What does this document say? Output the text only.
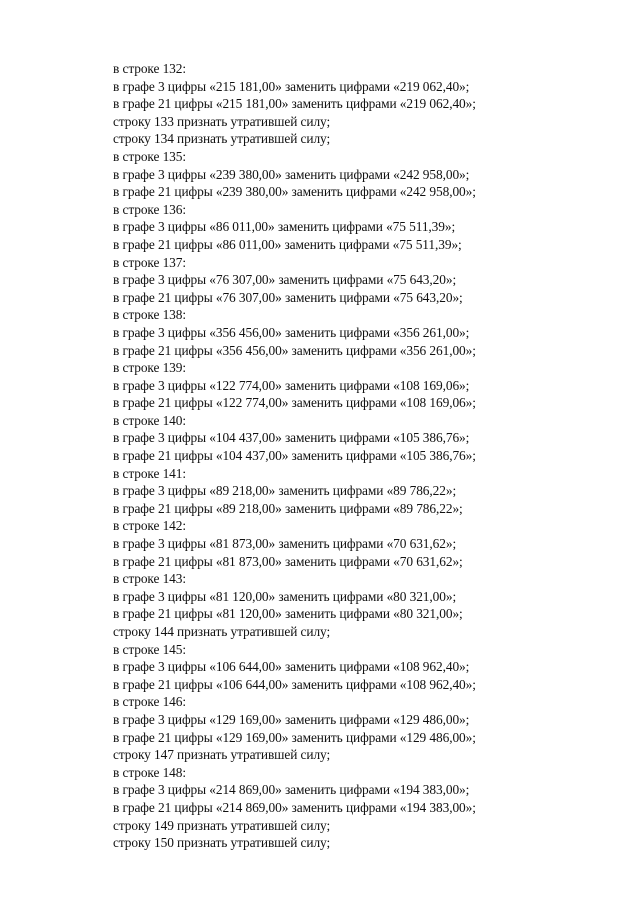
в строке 132:
в графе 3 цифры «215 181,00» заменить цифрами «219 062,40»;
в графе 21 цифры «215 181,00» заменить цифрами «219 062,40»;
строку 133 признать утратившей силу;
строку 134 признать утратившей силу;
в строке 135:
в графе 3 цифры «239 380,00» заменить цифрами «242 958,00»;
в графе 21 цифры «239 380,00» заменить цифрами «242 958,00»;
в строке 136:
в графе 3 цифры «86 011,00» заменить цифрами «75 511,39»;
в графе 21 цифры «86 011,00» заменить цифрами «75 511,39»;
в строке 137:
в графе 3 цифры «76 307,00» заменить цифрами «75 643,20»;
в графе 21 цифры «76 307,00» заменить цифрами «75 643,20»;
в строке 138:
в графе 3 цифры «356 456,00» заменить цифрами «356 261,00»;
в графе 21 цифры «356 456,00» заменить цифрами «356 261,00»;
в строке 139:
в графе 3 цифры «122 774,00» заменить цифрами «108 169,06»;
в графе 21 цифры «122 774,00» заменить цифрами «108 169,06»;
в строке 140:
в графе 3 цифры «104 437,00» заменить цифрами «105 386,76»;
в графе 21 цифры «104 437,00» заменить цифрами «105 386,76»;
в строке 141:
в графе 3 цифры «89 218,00» заменить цифрами «89 786,22»;
в графе 21 цифры «89 218,00» заменить цифрами «89 786,22»;
в строке 142:
в графе 3 цифры «81 873,00» заменить цифрами «70 631,62»;
в графе 21 цифры «81 873,00» заменить цифрами «70 631,62»;
в строке 143:
в графе 3 цифры «81 120,00» заменить цифрами «80 321,00»;
в графе 21 цифры «81 120,00» заменить цифрами «80 321,00»;
строку 144 признать утратившей силу;
в строке 145:
в графе 3 цифры «106 644,00» заменить цифрами «108 962,40»;
в графе 21 цифры «106 644,00» заменить цифрами «108 962,40»;
в строке 146:
в графе 3 цифры «129 169,00» заменить цифрами «129 486,00»;
в графе 21 цифры «129 169,00» заменить цифрами «129 486,00»;
строку 147 признать утратившей силу;
в строке 148:
в графе 3 цифры «214 869,00» заменить цифрами «194 383,00»;
в графе 21 цифры «214 869,00» заменить цифрами «194 383,00»;
строку 149 признать утратившей силу;
строку 150 признать утратившей силу;
